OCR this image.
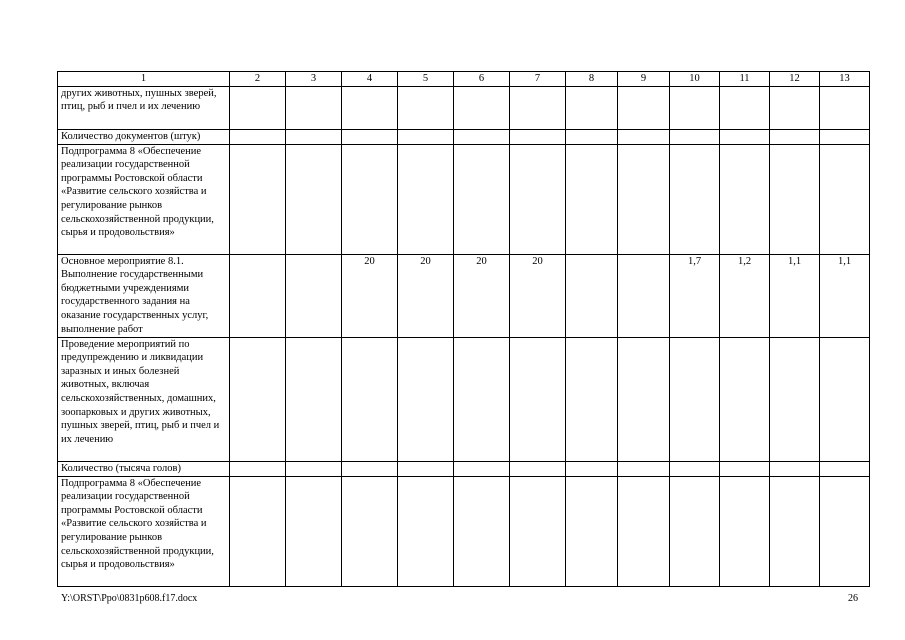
1	2	3	4	5	6	7	8	9	10	11	12	13
других животных, пушных зверей, птиц, рыб и пчел и их лечению												
Количество документов (штук)												
Подпрограмма 8 «Обеспечение реализации государственной программы Ростовской области «Развитие сельского хозяйства и регулирование рынков сельскохозяйственной продукции, сырья и продовольствия»												
Основное мероприятие 8.1. Выполнение государственными бюджетными учреждениями государственного задания на оказание государственных услуг, выполнение работ			20	20	20	20			1,7	1,2	1,1	1,1
Проведение мероприятий по предупреждению и ликвидации заразных и иных болезней животных, включая сельскохозяйственных, домашних, зоопарковых и других животных, пушных зверей, птиц, рыб и пчел и их лечению												
Количество (тысяча голов)												
Подпрограмма 8 «Обеспечение реализации государственной программы Ростовской области «Развитие сельского хозяйства и регулирование рынков сельскохозяйственной продукции, сырья и продовольствия»												
Y:\ORST\Ppo\0831p608.f17.docx	26
